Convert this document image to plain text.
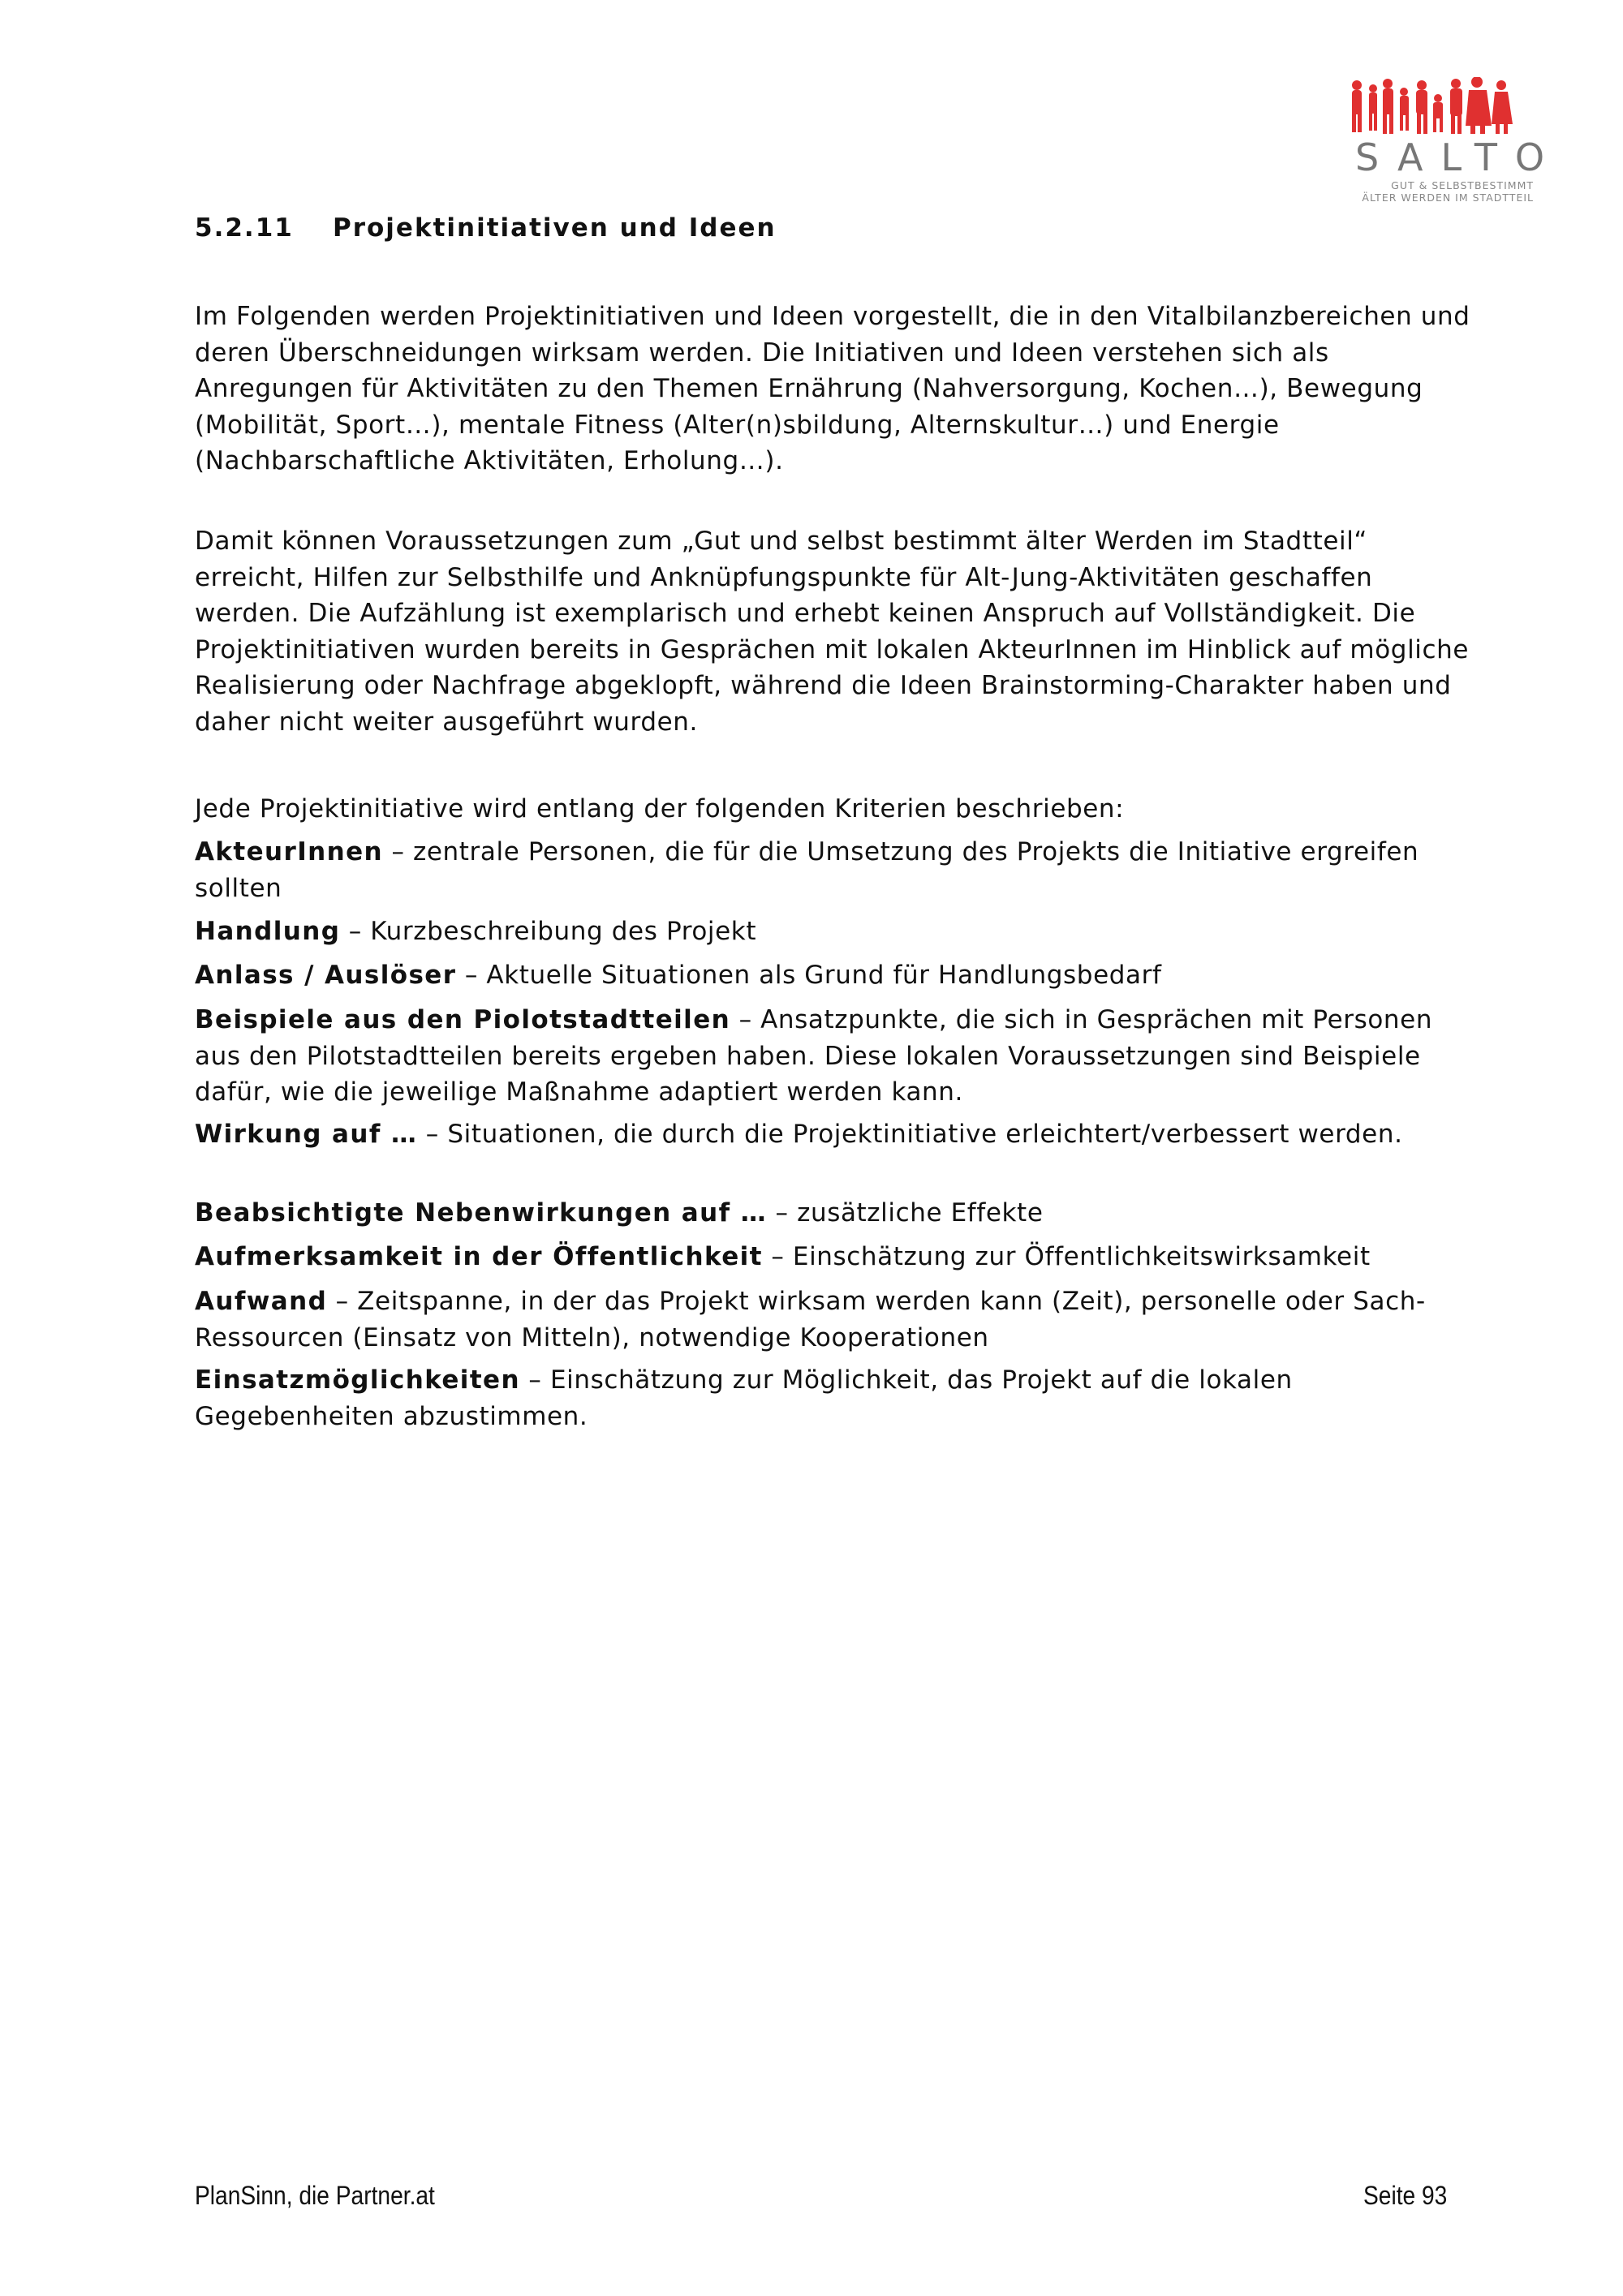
SALTO
GUT & SELBSTBESTIMMT
ÄLTER WERDEN IM STADTTEIL
5.2.11 Projektinitiativen und Ideen
Im Folgenden werden Projektinitiativen und Ideen vorgestellt, die in den Vitalbilanzbereichen und deren Überschneidungen wirksam werden. Die Initiativen und Ideen verstehen sich als Anregungen für Aktivitäten zu den Themen Ernährung (Nahversorgung, Kochen…), Bewegung (Mobilität, Sport…), mentale Fitness (Alter(n)sbildung, Alternskultur…) und Energie (Nachbarschaftliche Aktivitäten, Erholung…).
Damit können Voraussetzungen zum „Gut und selbst bestimmt älter Werden im Stadtteil“ erreicht, Hilfen zur Selbsthilfe und Anknüpfungspunkte für Alt-Jung-Aktivitäten geschaffen werden. Die Aufzählung ist exemplarisch und erhebt keinen Anspruch auf Vollständigkeit. Die Projektinitiativen wurden bereits in Gesprächen mit lokalen AkteurInnen im Hinblick auf mögliche Realisierung oder Nachfrage abgeklopft, während die Ideen Brainstorming-Charakter haben und daher nicht weiter ausgeführt wurden.
Jede Projektinitiative wird entlang der folgenden Kriterien beschrieben:
AkteurInnen – zentrale Personen, die für die Umsetzung des Projekts die Initiative ergreifen sollten
Handlung – Kurzbeschreibung des Projekt
Anlass / Auslöser – Aktuelle Situationen als Grund für Handlungsbedarf
Beispiele aus den Piolotstadtteilen – Ansatzpunkte, die sich in Gesprächen mit Personen aus den Pilotstadtteilen bereits ergeben haben. Diese lokalen Voraussetzungen sind Beispiele dafür, wie die jeweilige Maßnahme adaptiert werden kann.
Wirkung auf … – Situationen, die durch die Projektinitiative erleichtert/verbessert werden.
Beabsichtigte Nebenwirkungen auf … – zusätzliche Effekte
Aufmerksamkeit in der Öffentlichkeit – Einschätzung zur Öffentlichkeitswirksamkeit
Aufwand – Zeitspanne, in der das Projekt wirksam werden kann (Zeit), personelle oder Sach-Ressourcen (Einsatz von Mitteln), notwendige Kooperationen
Einsatzmöglichkeiten – Einschätzung zur Möglichkeit, das Projekt auf die lokalen Gegebenheiten abzustimmen.
PlanSinn, die Partner.at	Seite 93
